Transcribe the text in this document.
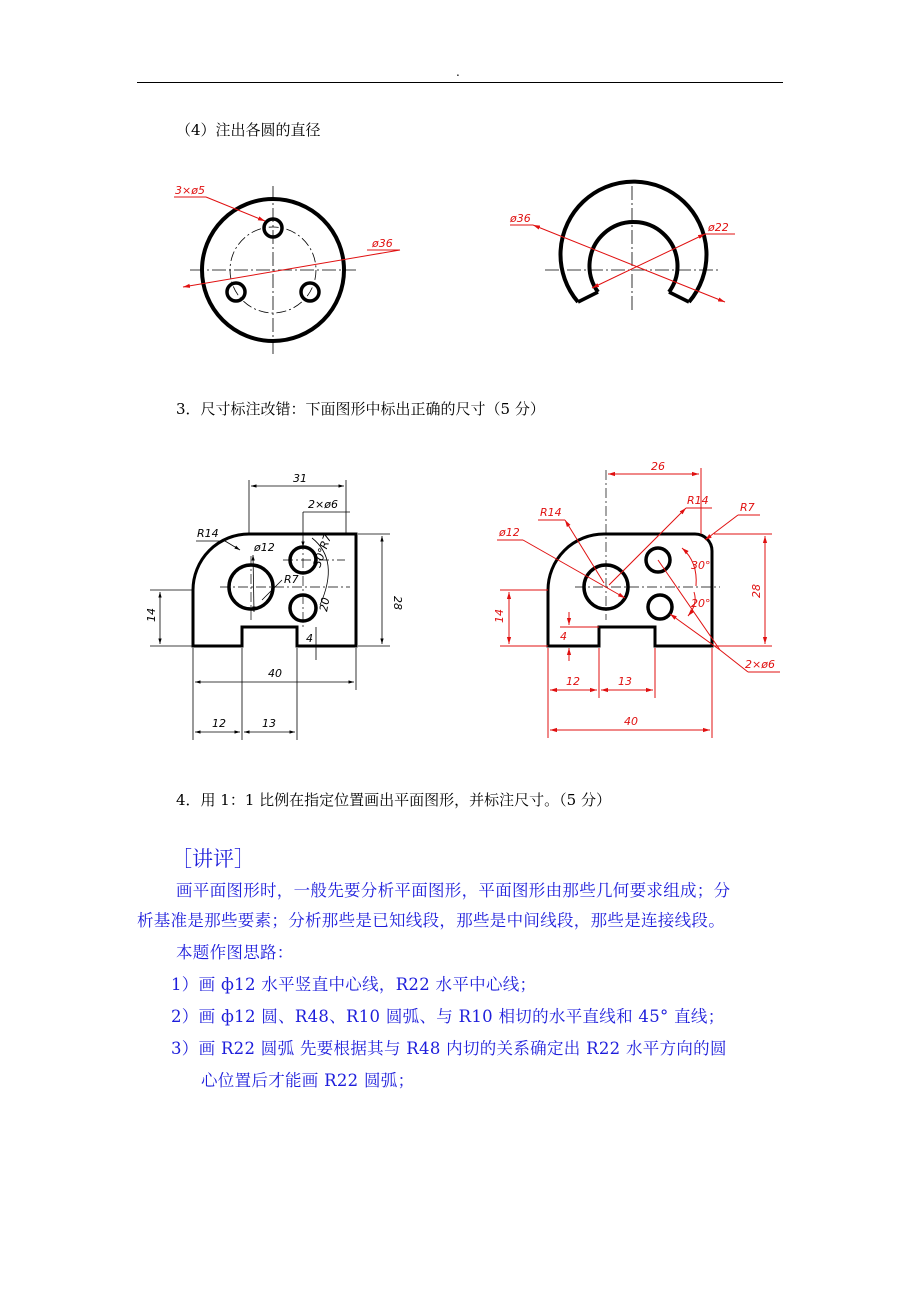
.
（4）注出各圆的直径
3×ø5
ø36
ø36
ø22
31
2×ø6
R14
ø12
R7
30°R7
20	28
14
4
40
12	13
26
R14
R14
R7
ø12
30°
20°
28
14
4
2×ø6
12	13
40
3．尺寸标注改错：下面图形中标出正确的尺寸（5 分）
4．用 1：1 比例在指定位置画出平面图形，并标注尺寸。（5 分）
［讲评］
画平面图形时，一般先要分析平面图形，平面图形由那些几何要求组成；分
析基准是那些要素；分析那些是已知线段，那些是中间线段，那些是连接线段。
本题作图思路：
1）画 ф12 水平竖直中心线，R22 水平中心线；
2）画 ф12 圆、R48、R10 圆弧、与 R10 相切的水平直线和 45° 直线；
3）画 R22 圆弧 先要根据其与 R48 内切的关系确定出 R22 水平方向的圆
心位置后才能画 R22 圆弧；
